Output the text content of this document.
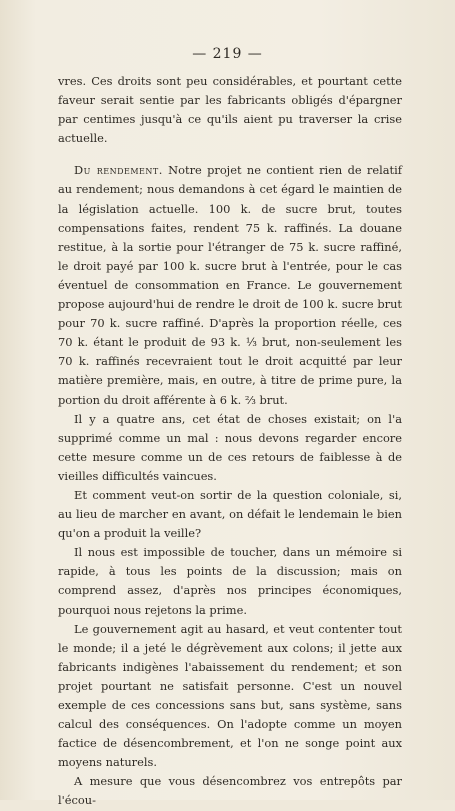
— 219 —

vres. Ces droits sont peu considérables, et pourtant cette faveur serait sentie par les fabricants obligés d'épargner par centimes jusqu'à ce qu'ils aient pu traverser la crise actuelle.

Du rendement. Notre projet ne contient rien de relatif au rendement; nous demandons à cet égard le maintien de la législation actuelle. 100 k. de sucre brut, toutes compensations faites, rendent 75 k. raffinés. La douane restitue, à la sortie pour l'étranger de 75 k. sucre raffiné, le droit payé par 100 k. sucre brut à l'entrée, pour le cas éventuel de consommation en France. Le gouvernement propose aujourd'hui de rendre le droit de 100 k. sucre brut pour 70 k. sucre raffiné. D'après la proportion réelle, ces 70 k. étant le produit de 93 k. ⅓ brut, non-seulement les 70 k. raffinés recevraient tout le droit acquitté par leur matière première, mais, en outre, à titre de prime pure, la portion du droit afférente à 6 k. ⅔ brut.

Il y a quatre ans, cet état de choses existait; on l'a supprimé comme un mal : nous devons regarder encore cette mesure comme un de ces retours de faiblesse à de vieilles difficultés vaincues.

Et comment veut-on sortir de la question coloniale, si, au lieu de marcher en avant, on défait le lendemain le bien qu'on a produit la veille?

Il nous est impossible de toucher, dans un mémoire si rapide, à tous les points de la discussion; mais on comprend assez, d'après nos principes économiques, pourquoi nous rejetons la prime.

Le gouvernement agit au hasard, et veut contenter tout le monde; il a jeté le dégrèvement aux colons; il jette aux fabricants indigènes l'abaissement du rendement; et son projet pourtant ne satisfait personne. C'est un nouvel exemple de ces concessions sans but, sans système, sans calcul des conséquences. On l'adopte comme un moyen factice de désencombrement, et l'on ne songe point aux moyens naturels.

A mesure que vous désencombrez vos entrepôts par l'écou-
